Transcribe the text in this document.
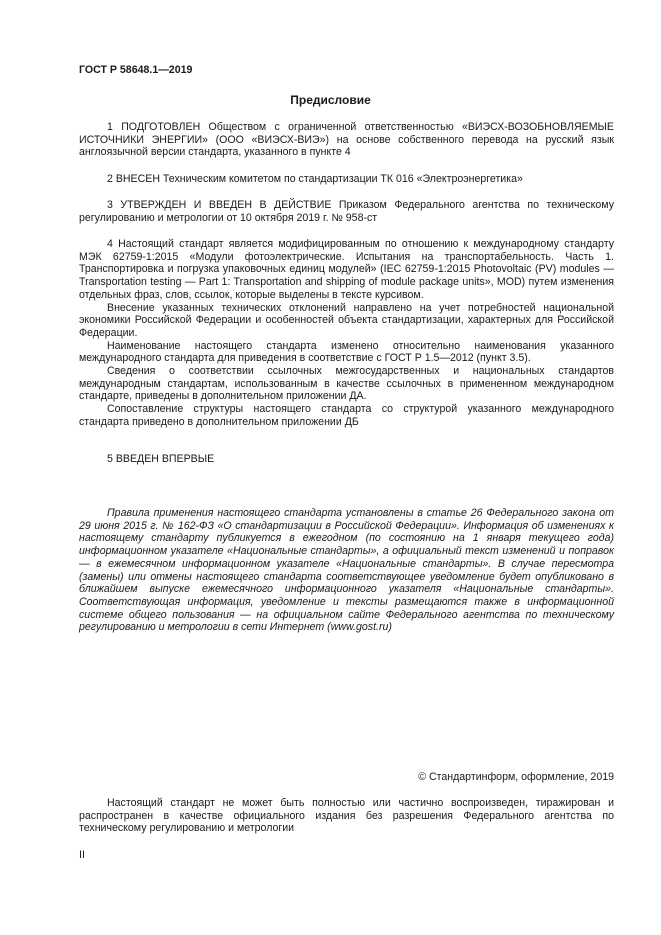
ГОСТ Р 58648.1—2019
Предисловие

1 ПОДГОТОВЛЕН Обществом с ограниченной ответственностью «ВИЭСХ-ВОЗОБНОВЛЯЕМЫЕ ИСТОЧНИКИ ЭНЕРГИИ» (ООО «ВИЭСХ-ВИЭ») на основе собственного перевода на русский язык англоязычной версии стандарта, указанного в пункте 4

2 ВНЕСЕН Техническим комитетом по стандартизации ТК 016 «Электроэнергетика»

3 УТВЕРЖДЕН И ВВЕДЕН В ДЕЙСТВИЕ Приказом Федерального агентства по техническому регулированию и метрологии от 10 октября 2019 г. № 958-ст

4 Настоящий стандарт является модифицированным по отношению к международному стандарту МЭК 62759-1:2015 «Модули фотоэлектрические. Испытания на транспортабельность. Часть 1. Транспортировка и погрузка упаковочных единиц модулей» (IEC 62759-1:2015 Photovoltaic (PV) modules — Transportation testing — Part 1: Transportation and shipping of module package units», MOD) путем изменения отдельных фраз, слов, ссылок, которые выделены в тексте курсивом.

Внесение указанных технических отклонений направлено на учет потребностей национальной экономики Российской Федерации и особенностей объекта стандартизации, характерных для Российской Федерации.

Наименование настоящего стандарта изменено относительно наименования указанного международного стандарта для приведения в соответствие с ГОСТ Р 1.5—2012 (пункт 3.5).

Сведения о соответствии ссылочных межгосударственных и национальных стандартов международным стандартам, использованным в качестве ссылочных в примененном международном стандарте, приведены в дополнительном приложении ДА.

Сопоставление структуры настоящего стандарта со структурой указанного международного стандарта приведено в дополнительном приложении ДБ

5 ВВЕДЕН ВПЕРВЫЕ

Правила применения настоящего стандарта установлены в статье 26 Федерального закона от 29 июня 2015 г. № 162-ФЗ «О стандартизации в Российской Федерации». Информация об изменениях к настоящему стандарту публикуется в ежегодном (по состоянию на 1 января текущего года) информационном указателе «Национальные стандарты», а официальный текст изменений и поправок — в ежемесячном информационном указателе «Национальные стандарты». В случае пересмотра (замены) или отмены настоящего стандарта соответствующее уведомление будет опубликовано в ближайшем выпуске ежемесячного информационного указателя «Национальные стандарты». Соответствующая информация, уведомление и тексты размещаются также в информационной системе общего пользования — на официальном сайте Федерального агентства по техническому регулированию и метрологии в сети Интернет (www.gost.ru)

© Стандартинформ, оформление, 2019

Настоящий стандарт не может быть полностью или частично воспроизведен, тиражирован и распространен в качестве официального издания без разрешения Федерального агентства по техническому регулированию и метрологии

II
